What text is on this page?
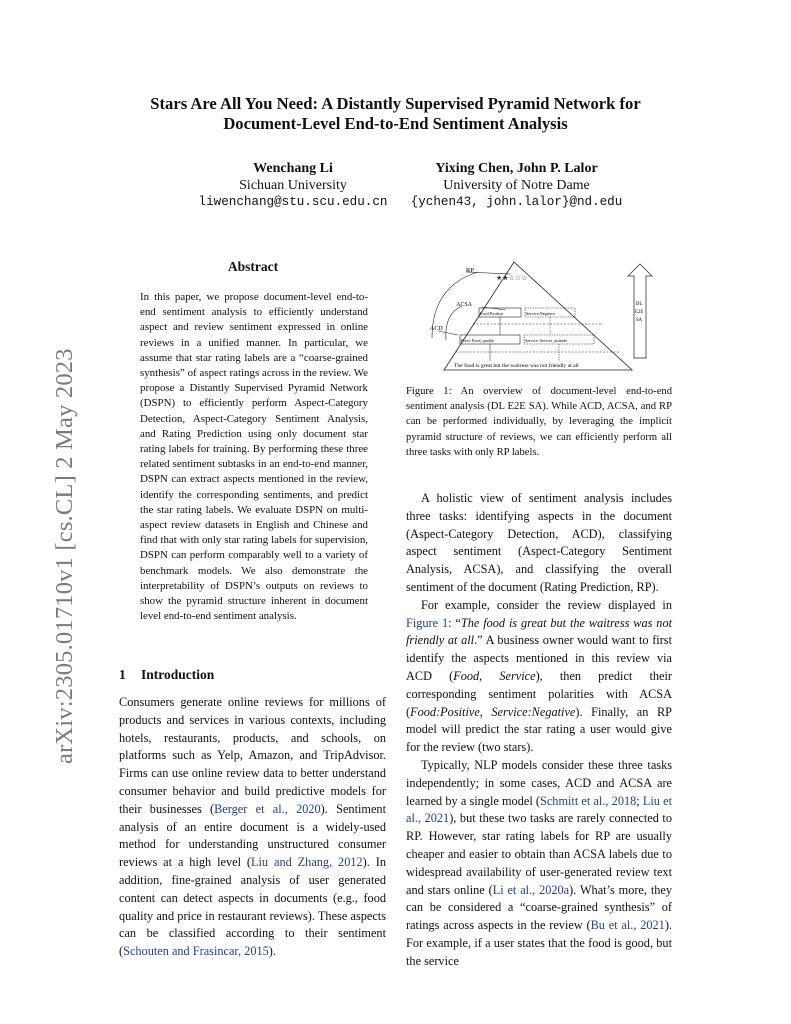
arXiv:2305.01710v1 [cs.CL] 2 May 2023
Stars Are All You Need: A Distantly Supervised Pyramid Network for
Document-Level End-to-End Sentiment Analysis
Wenchang Li
Sichuan University
liwenchang@stu.scu.edu.cn
Yixing Chen, John P. Lalor
University of Notre Dame
{ychen43, john.lalor}@nd.edu
Abstract
In this paper, we propose document-level end-to-end sentiment analysis to efficiently understand aspect and review sentiment expressed in online reviews in a unified manner. In particular, we assume that star rating labels are a “coarse-grained synthesis” of aspect ratings across in the review. We propose a Distantly Supervised Pyramid Network (DSPN) to efficiently perform Aspect-Category Detection, Aspect-Category Sentiment Analysis, and Rating Prediction using only document star rating labels for training. By performing these three related sentiment subtasks in an end-to-end manner, DSPN can extract aspects mentioned in the review, identify the corresponding sentiments, and predict the star rating labels. We evaluate DSPN on multi-aspect review datasets in English and Chinese and find that with only star rating labels for supervision, DSPN can perform comparably well to a variety of benchmark models. We also demonstrate the interpretability of DSPN’s outputs on reviews to show the pyramid structure inherent in document level end-to-end sentiment analysis.
1 Introduction

Consumers generate online reviews for millions of products and services in various contexts, including hotels, restaurants, products, and schools, on platforms such as Yelp, Amazon, and TripAdvisor. Firms can use online review data to better understand consumer behavior and build predictive models for their businesses (Berger et al., 2020). Sentiment analysis of an entire document is a widely-used method for understanding unstructured consumer reviews at a high level (Liu and Zhang, 2012). In addition, fine-grained analysis of user generated content can detect aspects in documents (e.g., food quality and price in restaurant reviews). These aspects can be classified according to their sentiment (Schouten and Frasincar, 2015).

RP
ACSA
ACD
★★☆☆☆
Food:Positive	Service:Negative
Food: Food_quality	Service: Service_attitude
The food is great but the waitress was not friendly at all
DL
E2E
SA
Figure 1: An overview of document-level end-to-end sentiment analysis (DL E2E SA). While ACD, ACSA, and RP can be performed individually, by leveraging the implicit pyramid structure of reviews, we can efficiently perform all three tasks with only RP labels.

A holistic view of sentiment analysis includes three tasks: identifying aspects in the document (Aspect-Category Detection, ACD), classifying aspect sentiment (Aspect-Category Sentiment Analysis, ACSA), and classifying the overall sentiment of the document (Rating Prediction, RP).

For example, consider the review displayed in Figure 1: “The food is great but the waitress was not friendly at all.” A business owner would want to first identify the aspects mentioned in this review via ACD (Food, Service), then predict their corresponding sentiment polarities with ACSA (Food:Positive, Service:Negative). Finally, an RP model will predict the star rating a user would give for the review (two stars).

Typically, NLP models consider these three tasks independently; in some cases, ACD and ACSA are learned by a single model (Schmitt et al., 2018; Liu et al., 2021), but these two tasks are rarely connected to RP. However, star rating labels for RP are usually cheaper and easier to obtain than ACSA labels due to widespread availability of user-generated review text and stars online (Li et al., 2020a). What’s more, they can be considered a “coarse-grained synthesis” of ratings across aspects in the review (Bu et al., 2021). For example, if a user states that the food is good, but the service
